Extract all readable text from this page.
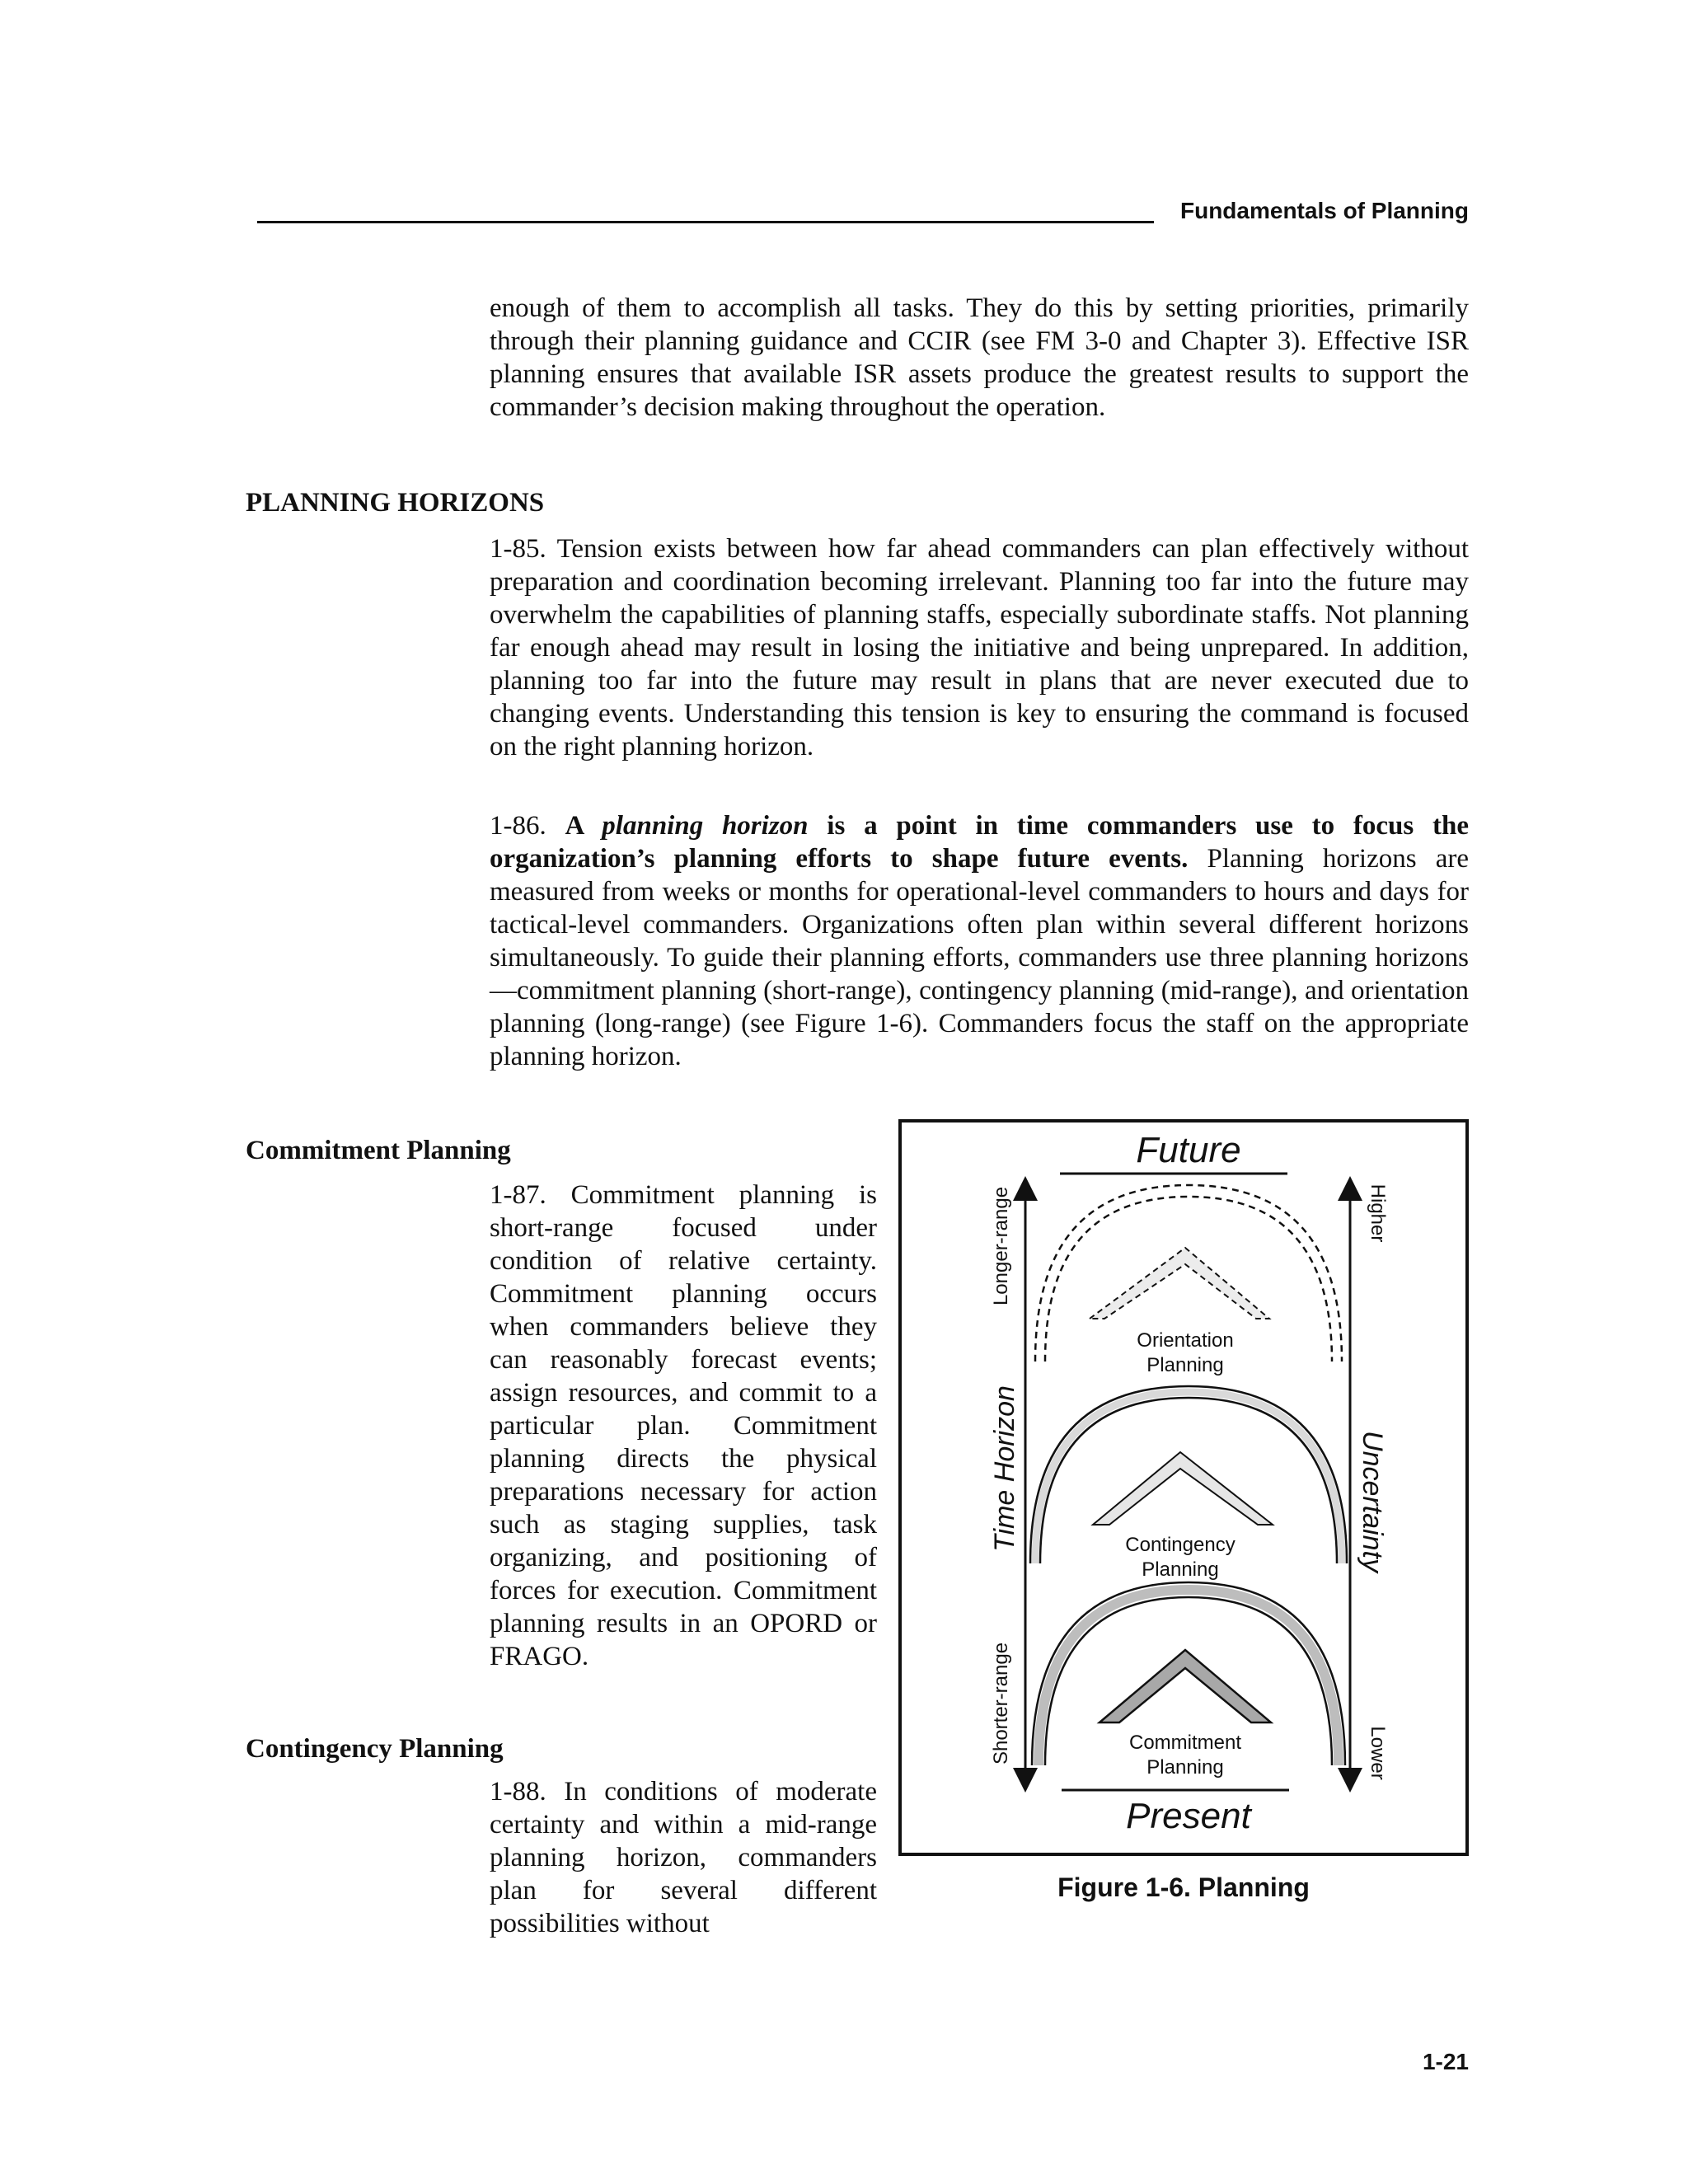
Fundamentals of Planning

enough of them to accomplish all tasks. They do this by setting priorities, primarily through their planning guidance and CCIR (see FM 3-0 and Chapter 3). Effective ISR planning ensures that available ISR assets produce the greatest results to support the commander’s decision making throughout the operation.

PLANNING HORIZONS

1-85. Tension exists between how far ahead commanders can plan effectively without preparation and coordination becoming irrelevant. Planning too far into the future may overwhelm the capabilities of planning staffs, especially subordinate staffs. Not planning far enough ahead may result in losing the initiative and being unprepared. In addition, planning too far into the future may result in plans that are never executed due to changing events. Understanding this tension is key to ensuring the command is focused on the right planning horizon.

1-86. A planning horizon is a point in time commanders use to focus the organization’s planning efforts to shape future events. Planning horizons are measured from weeks or months for operational-level commanders to hours and days for tactical-level commanders. Organizations often plan within several different horizons simultaneously. To guide their planning efforts, commanders use three planning horizons—commitment planning (short-range), contingency planning (mid-range), and orientation planning (long-range) (see Figure 1-6). Commanders focus the staff on the appropriate planning horizon.

Commitment Planning

1-87. Commitment planning is short-range focused under condition of relative certainty. Commitment planning occurs when commanders believe they can reasonably forecast events; assign resources, and commit to a particular plan. Commitment planning directs the physical preparations necessary for action such as staging supplies, task organizing, and positioning of forces for execution. Commitment planning results in an OPORD or FRAGO.

Contingency Planning

1-88. In conditions of moderate certainty and within a mid-range planning horizon, commanders plan for several different possibilities without

Future
Present
Longer-range
Time Horizon
Shorter-range
Higher
Uncertainty
Lower
Orientation
Planning
Contingency
Planning
Commitment
Planning
Figure 1-6. Planning
1-21
